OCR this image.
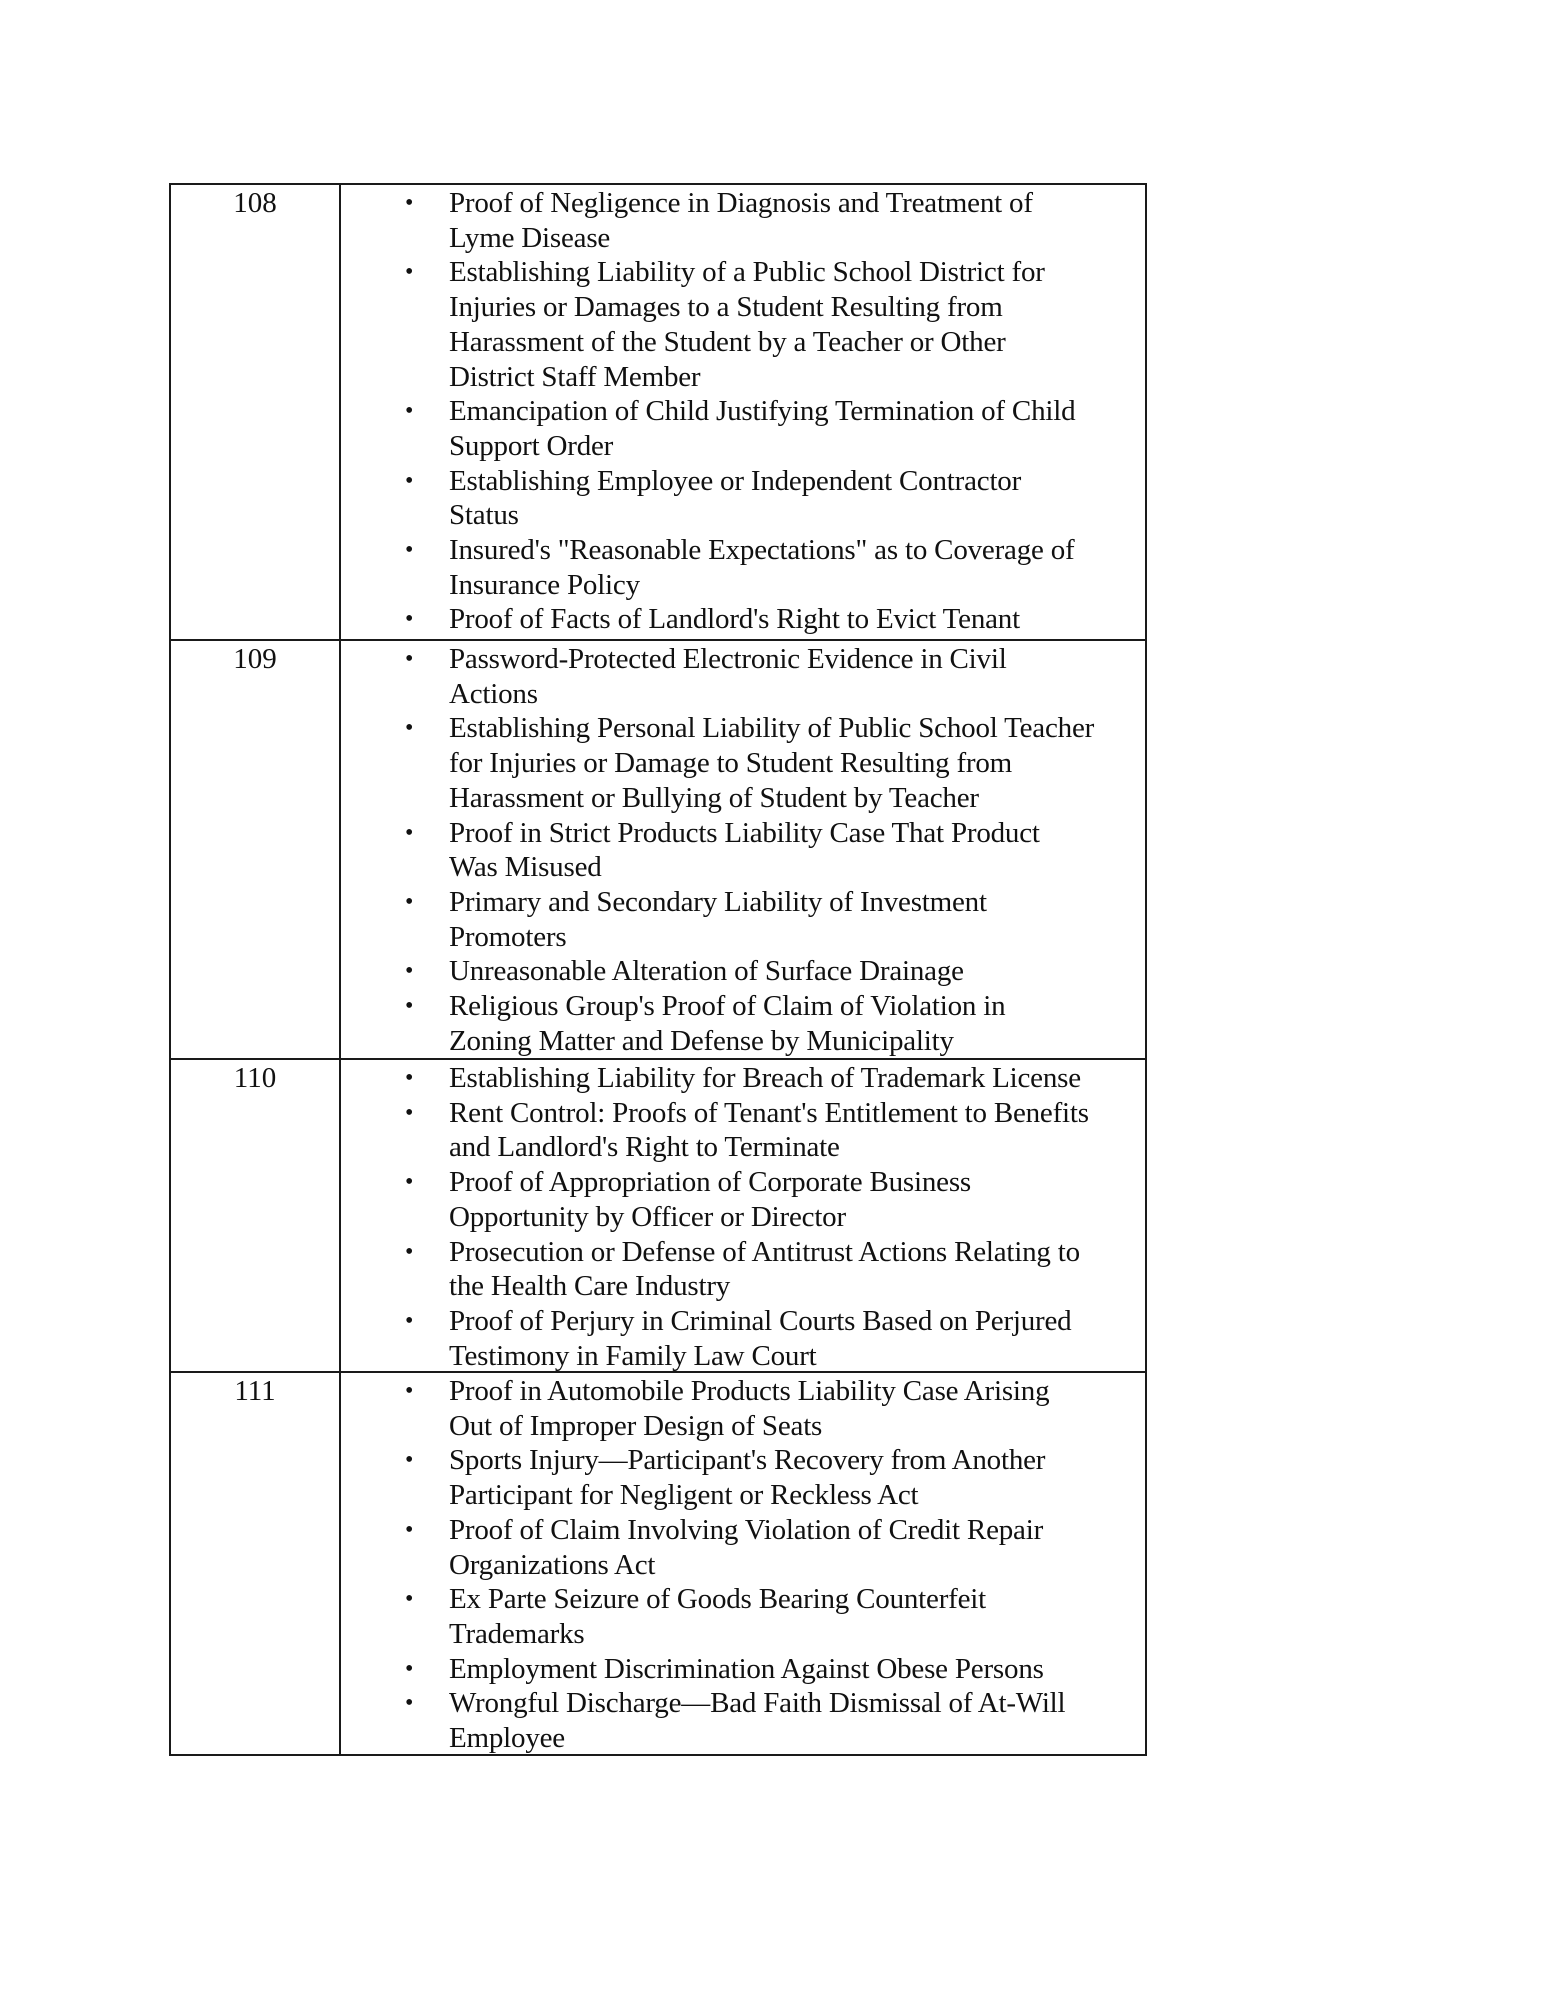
108	• Proof of Negligence in Diagnosis and Treatment of
Lyme Disease
• Establishing Liability of a Public School District for
Injuries or Damages to a Student Resulting from
Harassment of the Student by a Teacher or Other
District Staff Member
• Emancipation of Child Justifying Termination of Child
Support Order
• Establishing Employee or Independent Contractor
Status
• Insured's "Reasonable Expectations" as to Coverage of
Insurance Policy
• Proof of Facts of Landlord's Right to Evict Tenant
109	• Password-Protected Electronic Evidence in Civil
Actions
• Establishing Personal Liability of Public School Teacher
for Injuries or Damage to Student Resulting from
Harassment or Bullying of Student by Teacher
• Proof in Strict Products Liability Case That Product
Was Misused
• Primary and Secondary Liability of Investment
Promoters
• Unreasonable Alteration of Surface Drainage
• Religious Group's Proof of Claim of Violation in
Zoning Matter and Defense by Municipality
110	• Establishing Liability for Breach of Trademark License
• Rent Control: Proofs of Tenant's Entitlement to Benefits
and Landlord's Right to Terminate
• Proof of Appropriation of Corporate Business
Opportunity by Officer or Director
• Prosecution or Defense of Antitrust Actions Relating to
the Health Care Industry
• Proof of Perjury in Criminal Courts Based on Perjured
Testimony in Family Law Court
111	• Proof in Automobile Products Liability Case Arising
Out of Improper Design of Seats
• Sports Injury—Participant's Recovery from Another
Participant for Negligent or Reckless Act
• Proof of Claim Involving Violation of Credit Repair
Organizations Act
• Ex Parte Seizure of Goods Bearing Counterfeit
Trademarks
• Employment Discrimination Against Obese Persons
• Wrongful Discharge—Bad Faith Dismissal of At-Will
Employee
